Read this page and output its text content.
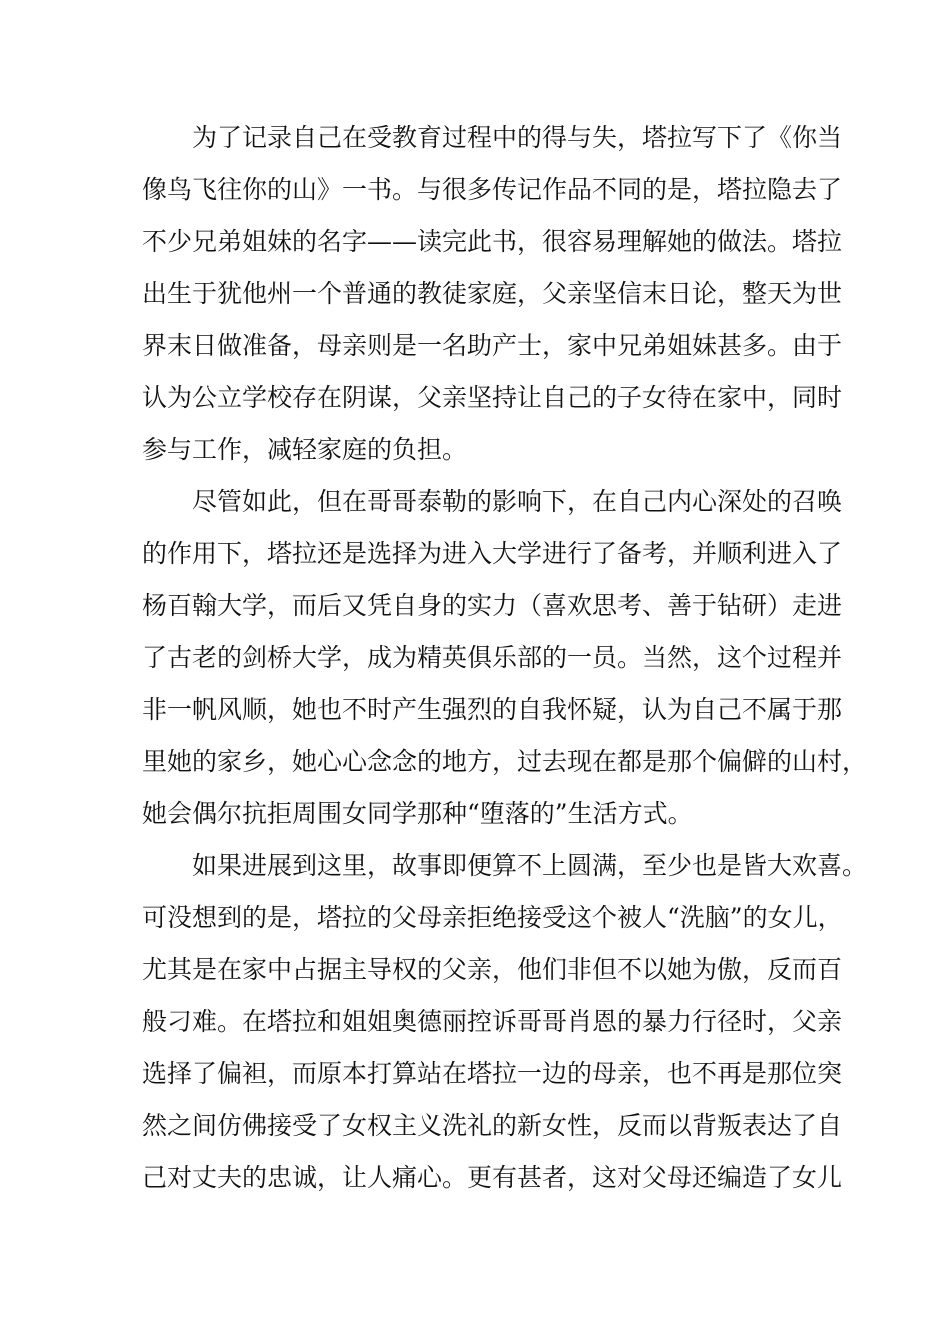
为了记录自己在受教育过程中的得与失，塔拉写下了《你当
像鸟飞往你的山》一书。与很多传记作品不同的是，塔拉隐去了
不少兄弟姐妹的名字——读完此书，很容易理解她的做法。塔拉
出生于犹他州一个普通的教徒家庭，父亲坚信末日论，整天为世
界末日做准备，母亲则是一名助产士，家中兄弟姐妹甚多。由于
认为公立学校存在阴谋，父亲坚持让自己的子女待在家中，同时
参与工作，减轻家庭的负担。

尽管如此，但在哥哥泰勒的影响下，在自己内心深处的召唤
的作用下，塔拉还是选择为进入大学进行了备考，并顺利进入了
杨百翰大学，而后又凭自身的实力（喜欢思考、善于钻研）走进
了古老的剑桥大学，成为精英俱乐部的一员。当然，这个过程并
非一帆风顺，她也不时产生强烈的自我怀疑，认为自己不属于那
里她的家乡，她心心念念的地方，过去现在都是那个偏僻的山村，
她会偶尔抗拒周围女同学那种“堕落的”生活方式。

如果进展到这里，故事即便算不上圆满，至少也是皆大欢喜。
可没想到的是，塔拉的父母亲拒绝接受这个被人“洗脑”的女儿，
尤其是在家中占据主导权的父亲，他们非但不以她为傲，反而百
般刁难。在塔拉和姐姐奥德丽控诉哥哥肖恩的暴力行径时，父亲
选择了偏袒，而原本打算站在塔拉一边的母亲，也不再是那位突
然之间仿佛接受了女权主义洗礼的新女性，反而以背叛表达了自
己对丈夫的忠诚，让人痛心。更有甚者，这对父母还编造了女儿
